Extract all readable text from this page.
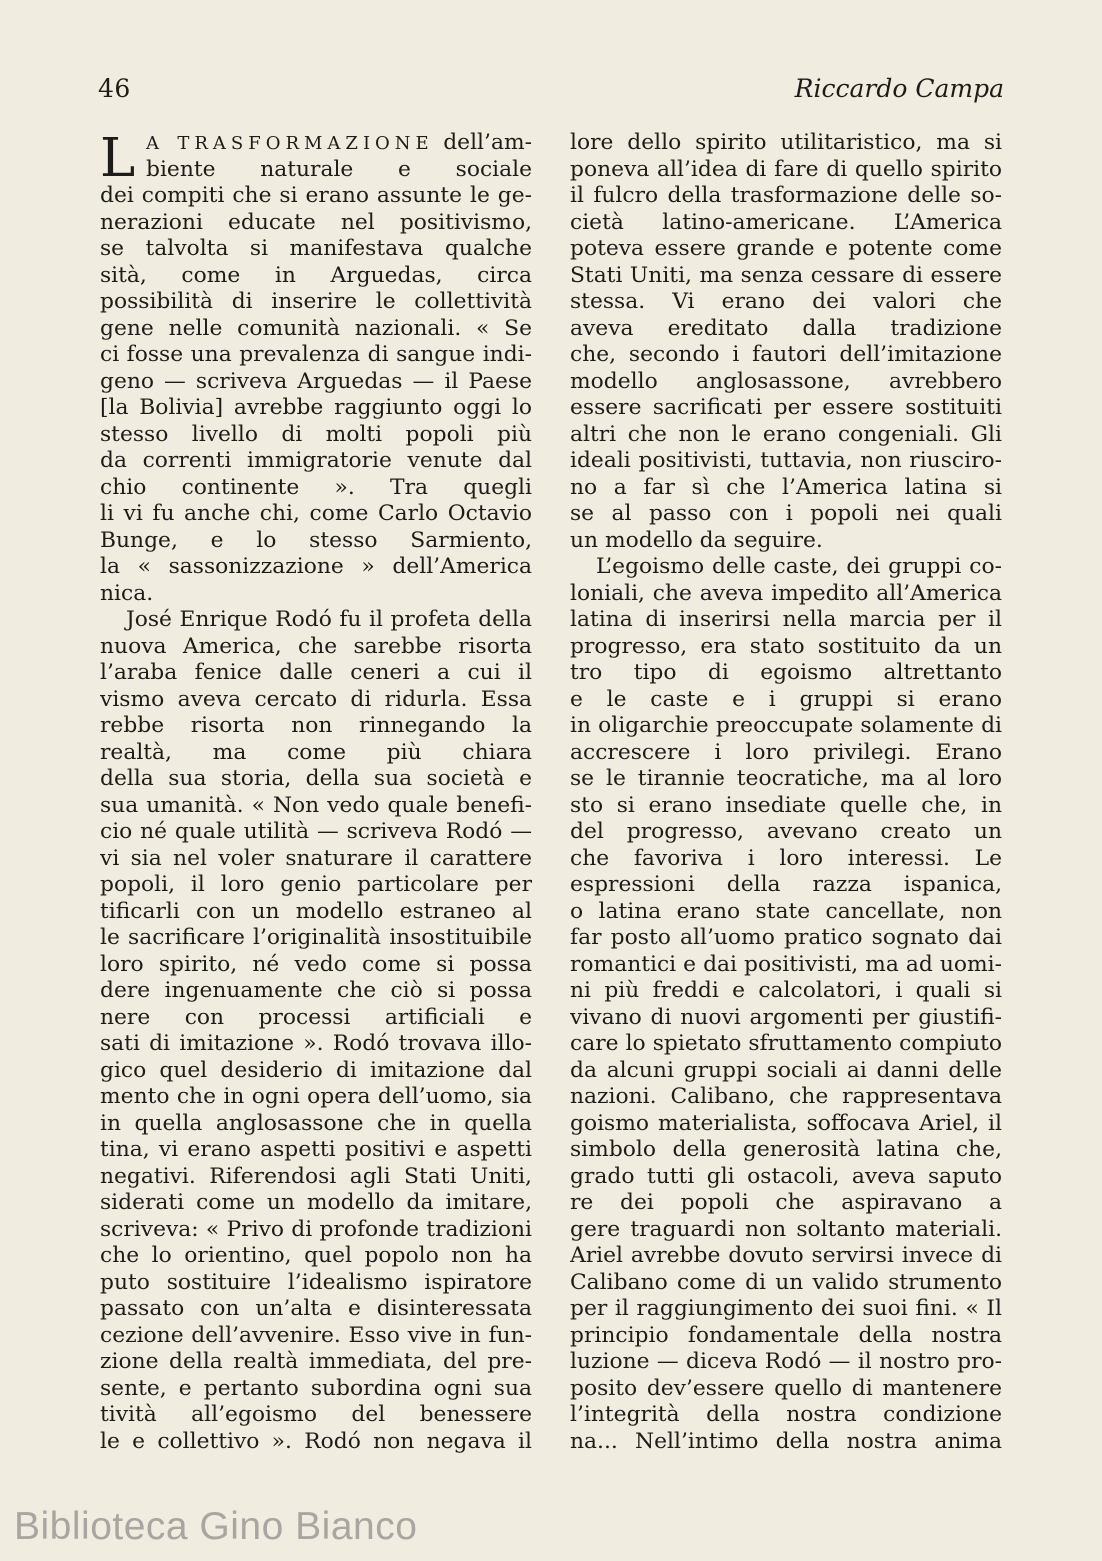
46	Riccardo Campa
L A TRASFORMAZIONE dell’am-
biente naturale e sociale
dei compiti che si erano assunte le ge-
nerazioni educate nel positivismo,
se talvolta si manifestava qualche
sità, come in Arguedas, circa
possibilità di inserire le collettività
gene nelle comunità nazionali. « Se
ci fosse una prevalenza di sangue indi-
geno — scriveva Arguedas — il Paese
[la Bolivia] avrebbe raggiunto oggi lo
stesso livello di molti popoli più
da correnti immigratorie venute dal
chio continente ». Tra quegli
li vi fu anche chi, come Carlo Octavio
Bunge, e lo stesso Sarmiento,
la « sassonizzazione » dell’America
nica.
José Enrique Rodó fu il profeta della
nuova America, che sarebbe risorta
l’araba fenice dalle ceneri a cui il
vismo aveva cercato di ridurla. Essa
rebbe risorta non rinnegando la
realtà, ma come più chiara
della sua storia, della sua società e
sua umanità. « Non vedo quale benefi-
cio né quale utilità — scriveva Rodó —
vi sia nel voler snaturare il carattere
popoli, il loro genio particolare per
tificarli con un modello estraneo al
le sacrificare l’originalità insostituibile
loro spirito, né vedo come si possa
dere ingenuamente che ciò si possa
nere con processi artificiali e
sati di imitazione ». Rodó trovava illo-
gico quel desiderio di imitazione dal
mento che in ogni opera dell’uomo, sia
in quella anglosassone che in quella
tina, vi erano aspetti positivi e aspetti
negativi. Riferendosi agli Stati Uniti,
siderati come un modello da imitare,
scriveva: « Privo di profonde tradizioni
che lo orientino, quel popolo non ha
puto sostituire l’idealismo ispiratore
passato con un’alta e disinteressata
cezione dell’avvenire. Esso vive in fun-
zione della realtà immediata, del pre-
sente, e pertanto subordina ogni sua
tività all’egoismo del benessere
le e collettivo ». Rodó non negava il
lore dello spirito utilitaristico, ma si
poneva all’idea di fare di quello spirito
il fulcro della trasformazione delle so-
cietà latino-americane. L’America
poteva essere grande e potente come
Stati Uniti, ma senza cessare di essere
stessa. Vi erano dei valori che
aveva ereditato dalla tradizione
che, secondo i fautori dell’imitazione
modello anglosassone, avrebbero
essere sacrificati per essere sostituiti
altri che non le erano congeniali. Gli
ideali positivisti, tuttavia, non riusciro-
no a far sì che l’America latina si
se al passo con i popoli nei quali
un modello da seguire.
L’egoismo delle caste, dei gruppi co-
loniali, che aveva impedito all’America
latina di inserirsi nella marcia per il
progresso, era stato sostituito da un
tro tipo di egoismo altrettanto
e le caste e i gruppi si erano
in oligarchie preoccupate solamente di
accrescere i loro privilegi. Erano
se le tirannie teocratiche, ma al loro
sto si erano insediate quelle che, in
del progresso, avevano creato un
che favoriva i loro interessi. Le
espressioni della razza ispanica,
o latina erano state cancellate, non
far posto all’uomo pratico sognato dai
romantici e dai positivisti, ma ad uomi-
ni più freddi e calcolatori, i quali si
vivano di nuovi argomenti per giustifi-
care lo spietato sfruttamento compiuto
da alcuni gruppi sociali ai danni delle
nazioni. Calibano, che rappresentava
goismo materialista, soffocava Ariel, il
simbolo della generosità latina che,
grado tutti gli ostacoli, aveva saputo
re dei popoli che aspiravano a
gere traguardi non soltanto materiali.
Ariel avrebbe dovuto servirsi invece di
Calibano come di un valido strumento
per il raggiungimento dei suoi fini. « Il
principio fondamentale della nostra
luzione — diceva Rodó — il nostro pro-
posito dev’essere quello di mantenere
l’integrità della nostra condizione
na... Nell’intimo della nostra anima
Biblioteca Gino Bianco
